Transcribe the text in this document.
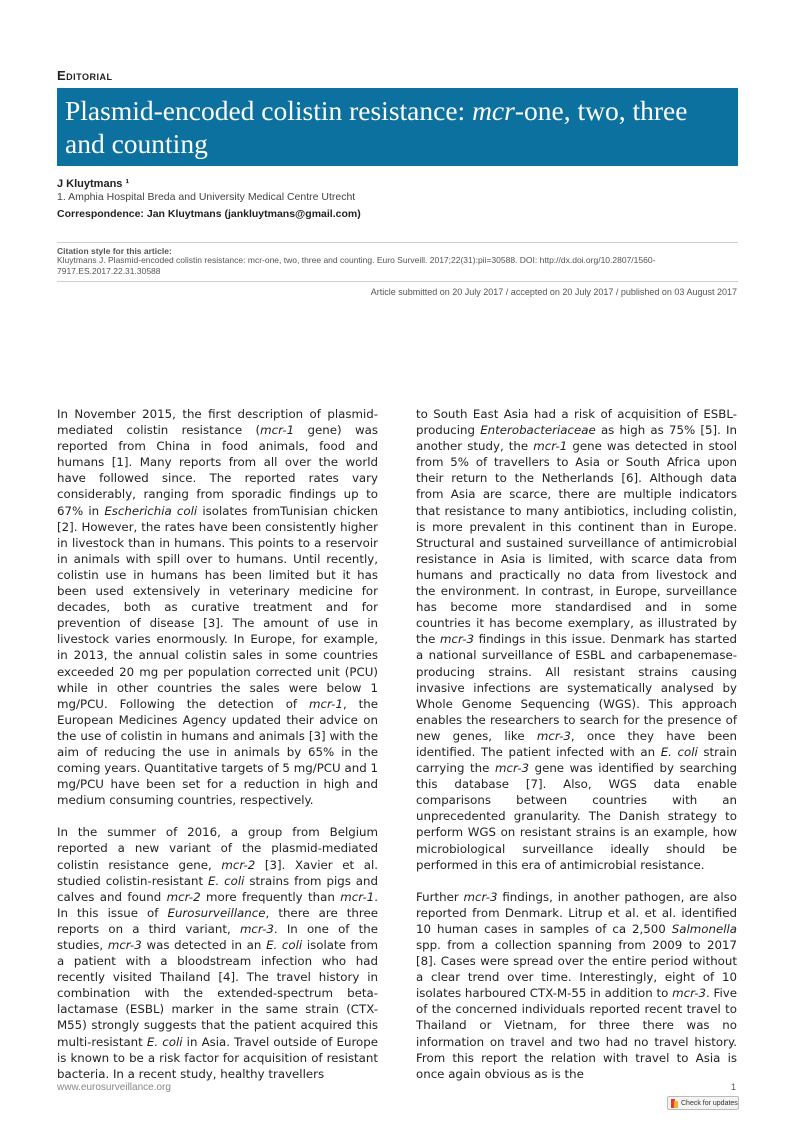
Editorial
Plasmid-encoded colistin resistance: mcr-one, two, three and counting
J Kluytmans ¹
1. Amphia Hospital Breda and University Medical Centre Utrecht
Correspondence: Jan Kluytmans (jankluytmans@gmail.com)
Citation style for this article:
Kluytmans J. Plasmid-encoded colistin resistance: mcr-one, two, three and counting. Euro Surveill. 2017;22(31):pii=30588. DOI: http://dx.doi.org/10.2807/1560-7917.ES.2017.22.31.30588
Article submitted on 20 July 2017 / accepted on 20 July 2017 / published on 03 August 2017

In November 2015, the first description of plasmid-mediated colistin resistance (mcr-1 gene) was reported from China in food animals, food and humans [1]. Many reports from all over the world have followed since. The reported rates vary considerably, ranging from sporadic findings up to 67% in Escherichia coli isolates fromTunisian chicken [2]. However, the rates have been consistently higher in livestock than in humans. This points to a reservoir in animals with spill over to humans. Until recently, colistin use in humans has been limited but it has been used extensively in veterinary medicine for decades, both as curative treatment and for prevention of disease [3]. The amount of use in livestock varies enormously. In Europe, for example, in 2013, the annual colistin sales in some countries exceeded 20 mg per population corrected unit (PCU) while in other countries the sales were below 1 mg/PCU. Following the detection of mcr-1, the European Medicines Agency updated their advice on the use of colistin in humans and animals [3] with the aim of reducing the use in animals by 65% in the coming years. Quantitative targets of 5 mg/PCU and 1 mg/PCU have been set for a reduction in high and medium consuming countries, respectively.

In the summer of 2016, a group from Belgium reported a new variant of the plasmid-mediated colistin resistance gene, mcr-2 [3]. Xavier et al. studied colistin-resistant E. coli strains from pigs and calves and found mcr-2 more frequently than mcr-1. In this issue of Eurosurveillance, there are three reports on a third variant, mcr-3. In one of the studies, mcr-3 was detected in an E. coli isolate from a patient with a bloodstream infection who had recently visited Thailand [4]. The travel history in combination with the extended-spectrum beta-lactamase (ESBL) marker in the same strain (CTX-M55) strongly suggests that the patient acquired this multi-resistant E. coli in Asia. Travel outside of Europe is known to be a risk factor for acquisition of resistant bacteria. In a recent study, healthy travellers

to South East Asia had a risk of acquisition of ESBL-producing Enterobacteriaceae as high as 75% [5]. In another study, the mcr-1 gene was detected in stool from 5% of travellers to Asia or South Africa upon their return to the Netherlands [6]. Although data from Asia are scarce, there are multiple indicators that resistance to many antibiotics, including colistin, is more prevalent in this continent than in Europe. Structural and sustained surveillance of antimicrobial resistance in Asia is limited, with scarce data from humans and practically no data from livestock and the environment. In contrast, in Europe, surveillance has become more standardised and in some countries it has become exemplary, as illustrated by the mcr-3 findings in this issue. Denmark has started a national surveillance of ESBL and carbapenemase-producing strains. All resistant strains causing invasive infections are systematically analysed by Whole Genome Sequencing (WGS). This approach enables the researchers to search for the presence of new genes, like mcr-3, once they have been identified. The patient infected with an E. coli strain carrying the mcr-3 gene was identified by searching this database [7]. Also, WGS data enable comparisons between countries with an unprecedented granularity. The Danish strategy to perform WGS on resistant strains is an example, how microbiological surveillance ideally should be performed in this era of antimicrobial resistance.

Further mcr-3 findings, in another pathogen, are also reported from Denmark. Litrup et al. et al. identified 10 human cases in samples of ca 2,500 Salmonella spp. from a collection spanning from 2009 to 2017 [8]. Cases were spread over the entire period without a clear trend over time. Interestingly, eight of 10 isolates harboured CTX-M-55 in addition to mcr-3. Five of the concerned individuals reported recent travel to Thailand or Vietnam, for three there was no information on travel and two had no travel history. From this report the relation with travel to Asia is once again obvious as is the

www.eurosurveillance.org	1
Check for updates
